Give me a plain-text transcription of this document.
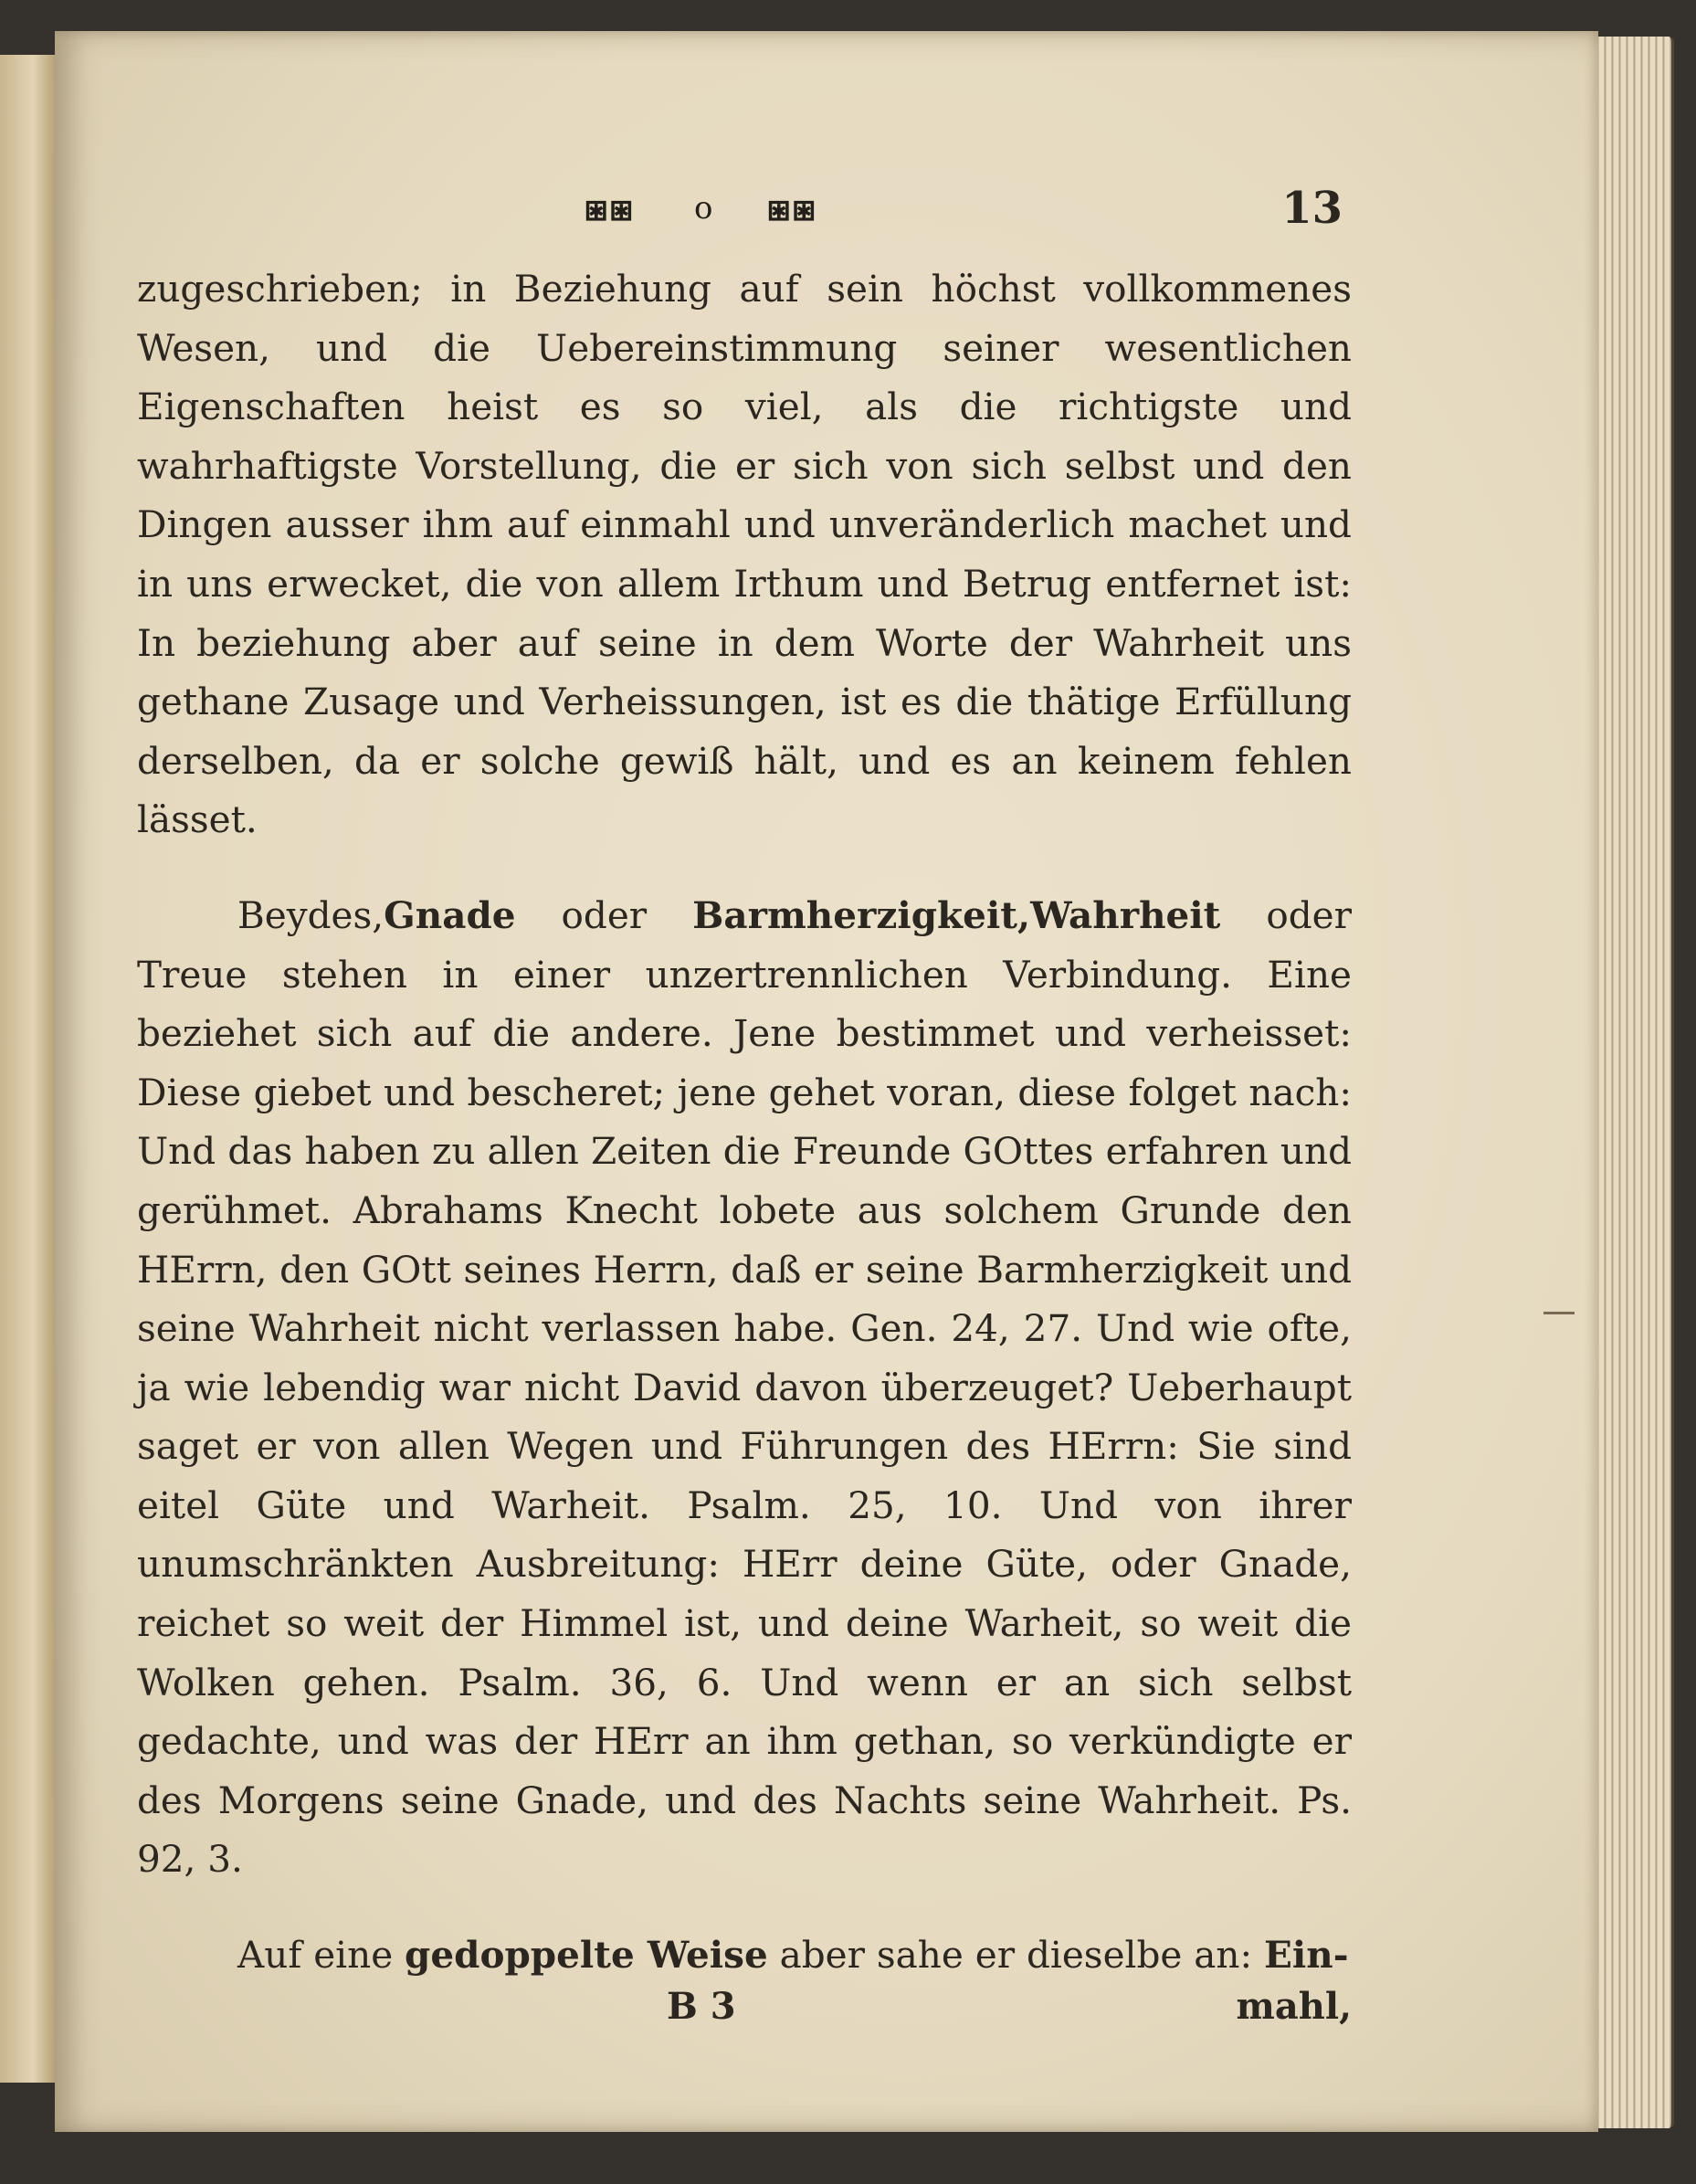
⧆⧆ o ⧆⧆	13

zugeschrieben; in Beziehung auf sein höchst vollkommenes Wesen, und die Uebereinstimmung seiner wesentlichen Eigenschaften heist es so viel, als die richtigste und wahrhaftigste Vorstellung, die er sich von sich selbst und den Dingen ausser ihm auf einmahl und unveränderlich machet und in uns erwecket, die von allem Irthum und Betrug entfernet ist: In beziehung aber auf seine in dem Worte der Wahrheit uns gethane Zusage und Verheissungen, ist es die thätige Erfüllung derselben, da er solche gewiß hält, und es an keinem fehlen lässet.

Beydes,Gnade oder Barmherzigkeit,Wahrheit oder Treue stehen in einer unzertrennlichen Verbindung. Eine beziehet sich auf die andere. Jene bestimmet und verheisset: Diese giebet und bescheret; jene gehet voran, diese folget nach: Und das haben zu allen Zeiten die Freunde GOttes erfahren und gerühmet. Abrahams Knecht lobete aus solchem Grunde den HErrn, den GOtt seines Herrn, daß er seine Barmherzigkeit und seine Wahrheit nicht verlassen habe. Gen. 24, 27. Und wie ofte, ja wie lebendig war nicht David davon überzeuget? Ueberhaupt saget er von allen Wegen und Führungen des HErrn: Sie sind eitel Güte und Warheit. Psalm. 25, 10. Und von ihrer unumschränkten Ausbreitung: HErr deine Güte, oder Gnade, reichet so weit der Himmel ist, und deine Warheit, so weit die Wolken gehen. Psalm. 36, 6. Und wenn er an sich selbst gedachte, und was der HErr an ihm gethan, so verkündigte er des Morgens seine Gnade, und des Nachts seine Wahrheit. Ps. 92, 3.

Auf eine gedoppelte Weise aber sahe er dieselbe an: Ein-

B 3	mahl,
